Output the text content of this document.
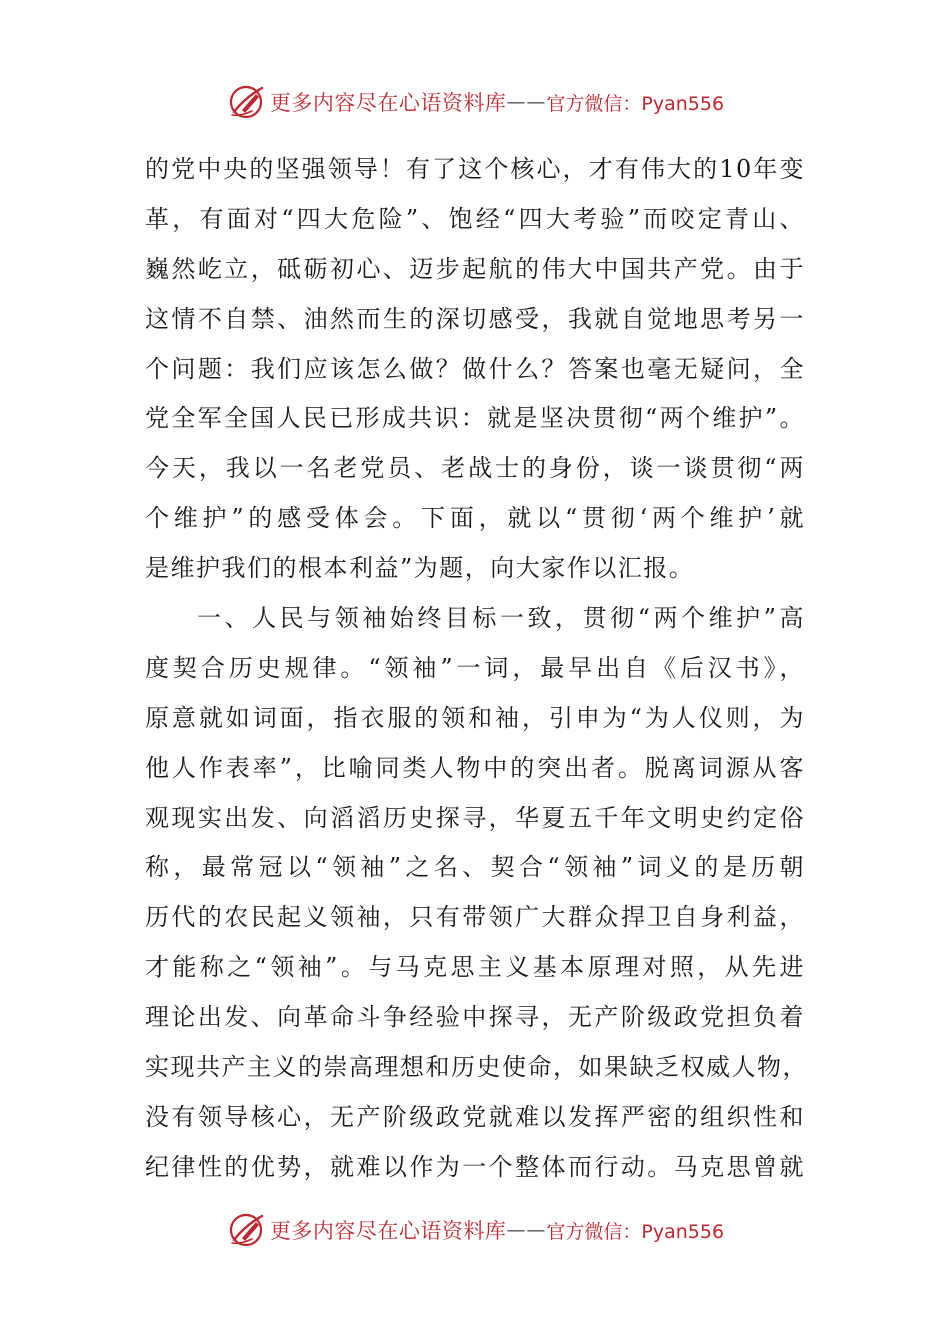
更多内容尽在心语资料库 —— 官方微信：Pyan556
的党中央的坚强领导！有了这个核心，才有伟大的10年变
革，有面对“四大危险”、饱经“四大考验”而咬定青山、
巍然屹立，砥砺初心、迈步起航的伟大中国共产党。由于
这情不自禁、油然而生的深切感受，我就自觉地思考另一
个问题：我们应该怎么做？做什么？答案也毫无疑问，全
党全军全国人民已形成共识：就是坚决贯彻“两个维护”。
今天，我以一名老党员、老战士的身份，谈一谈贯彻“两
个维护”的感受体会。下面，就以“贯彻‘两个维护’就
是维护我们的根本利益”为题，向大家作以汇报。
一、人民与领袖始终目标一致，贯彻“两个维护”高
度契合历史规律。“领袖”一词，最早出自《后汉书》，
原意就如词面，指衣服的领和袖，引申为“为人仪则，为
他人作表率”，比喻同类人物中的突出者。脱离词源从客
观现实出发、向滔滔历史探寻，华夏五千年文明史约定俗
称，最常冠以“领袖”之名、契合“领袖”词义的是历朝
历代的农民起义领袖，只有带领广大群众捍卫自身利益，
才能称之“领袖”。与马克思主义基本原理对照，从先进
理论出发、向革命斗争经验中探寻，无产阶级政党担负着
实现共产主义的崇高理想和历史使命，如果缺乏权威人物，
没有领导核心，无产阶级政党就难以发挥严密的组织性和
纪律性的优势，就难以作为一个整体而行动。马克思曾就
更多内容尽在心语资料库 —— 官方微信：Pyan556
